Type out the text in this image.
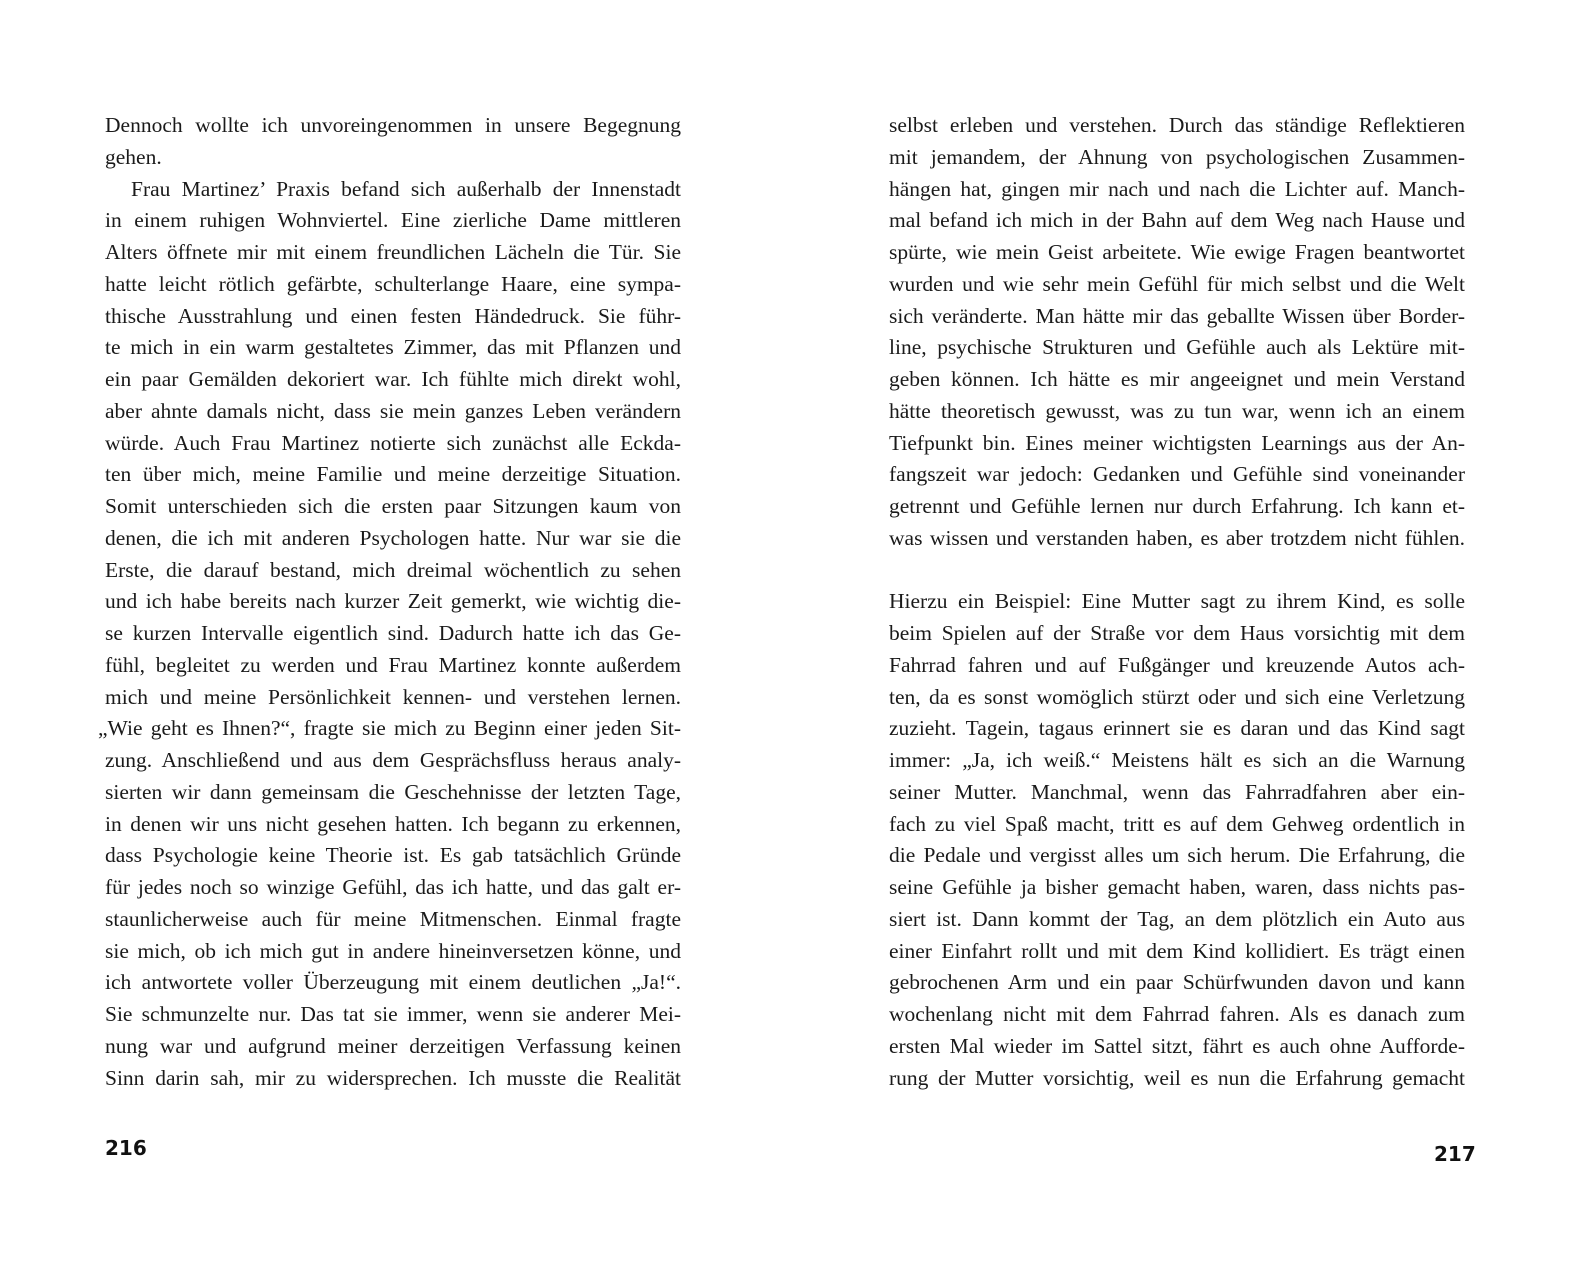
Dennoch wollte ich unvoreingenommen in unsere Begegnung
gehen.
Frau Martinez’ Praxis befand sich außerhalb der Innenstadt
in einem ruhigen Wohnviertel. Eine zierliche Dame mittleren
Alters öffnete mir mit einem freundlichen Lächeln die Tür. Sie
hatte leicht rötlich gefärbte, schulterlange Haare, eine sympa-
thische Ausstrahlung und einen festen Händedruck. Sie führ-
te mich in ein warm gestaltetes Zimmer, das mit Pflanzen und
ein paar Gemälden dekoriert war. Ich fühlte mich direkt wohl,
aber ahnte damals nicht, dass sie mein ganzes Leben verändern
würde. Auch Frau Martinez notierte sich zunächst alle Eckda-
ten über mich, meine Familie und meine derzeitige Situation.
Somit unterschieden sich die ersten paar Sitzungen kaum von
denen, die ich mit anderen Psychologen hatte. Nur war sie die
Erste, die darauf bestand, mich dreimal wöchentlich zu sehen
und ich habe bereits nach kurzer Zeit gemerkt, wie wichtig die-
se kurzen Intervalle eigentlich sind. Dadurch hatte ich das Ge-
fühl, begleitet zu werden und Frau Martinez konnte außerdem
mich und meine Persönlichkeit kennen- und verstehen lernen.
„Wie geht es Ihnen?“, fragte sie mich zu Beginn einer jeden Sit-
zung. Anschließend und aus dem Gesprächsfluss heraus analy-
sierten wir dann gemeinsam die Geschehnisse der letzten Tage,
in denen wir uns nicht gesehen hatten. Ich begann zu erkennen,
dass Psychologie keine Theorie ist. Es gab tatsächlich Gründe
für jedes noch so winzige Gefühl, das ich hatte, und das galt er-
staunlicherweise auch für meine Mitmenschen. Einmal fragte
sie mich, ob ich mich gut in andere hineinversetzen könne, und
ich antwortete voller Überzeugung mit einem deutlichen „Ja!“.
Sie schmunzelte nur. Das tat sie immer, wenn sie anderer Mei-
nung war und aufgrund meiner derzeitigen Verfassung keinen
Sinn darin sah, mir zu widersprechen. Ich musste die Realität
selbst erleben und verstehen. Durch das ständige Reflektieren
mit jemandem, der Ahnung von psychologischen Zusammen-
hängen hat, gingen mir nach und nach die Lichter auf. Manch-
mal befand ich mich in der Bahn auf dem Weg nach Hause und
spürte, wie mein Geist arbeitete. Wie ewige Fragen beantwortet
wurden und wie sehr mein Gefühl für mich selbst und die Welt
sich veränderte. Man hätte mir das geballte Wissen über Border-
line, psychische Strukturen und Gefühle auch als Lektüre mit-
geben können. Ich hätte es mir angeeignet und mein Verstand
hätte theoretisch gewusst, was zu tun war, wenn ich an einem
Tiefpunkt bin. Eines meiner wichtigsten Learnings aus der An-
fangszeit war jedoch: Gedanken und Gefühle sind voneinander
getrennt und Gefühle lernen nur durch Erfahrung. Ich kann et-
was wissen und verstanden haben, es aber trotzdem nicht fühlen.
Hierzu ein Beispiel: Eine Mutter sagt zu ihrem Kind, es solle
beim Spielen auf der Straße vor dem Haus vorsichtig mit dem
Fahrrad fahren und auf Fußgänger und kreuzende Autos ach-
ten, da es sonst womöglich stürzt oder und sich eine Verletzung
zuzieht. Tagein, tagaus erinnert sie es daran und das Kind sagt
immer: „Ja, ich weiß.“ Meistens hält es sich an die Warnung
seiner Mutter. Manchmal, wenn das Fahrradfahren aber ein-
fach zu viel Spaß macht, tritt es auf dem Gehweg ordentlich in
die Pedale und vergisst alles um sich herum. Die Erfahrung, die
seine Gefühle ja bisher gemacht haben, waren, dass nichts pas-
siert ist. Dann kommt der Tag, an dem plötzlich ein Auto aus
einer Einfahrt rollt und mit dem Kind kollidiert. Es trägt einen
gebrochenen Arm und ein paar Schürfwunden davon und kann
wochenlang nicht mit dem Fahrrad fahren. Als es danach zum
ersten Mal wieder im Sattel sitzt, fährt es auch ohne Aufforde-
rung der Mutter vorsichtig, weil es nun die Erfahrung gemacht
216	217
